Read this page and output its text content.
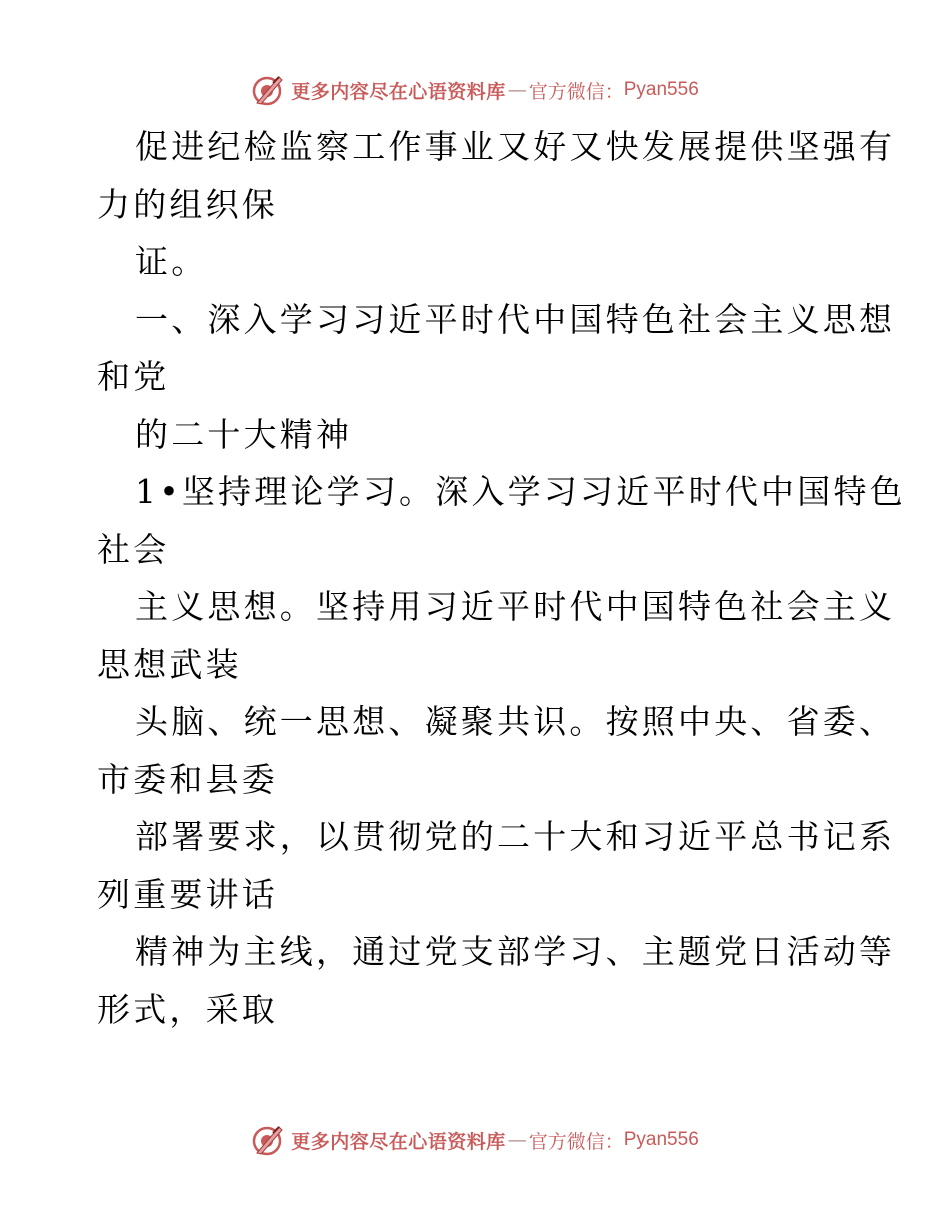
更多内容尽在心语资料库 — 官方微信： Pyan556
促进纪检监察工作事业又好又快发展提供坚强有
力的组织保
证。
一、深入学习习近平时代中国特色社会主义思想
和党
的二十大精神
1•坚持理论学习。深入学习习近平时代中国特色
社会
主义思想。坚持用习近平时代中国特色社会主义
思想武装
头脑、统一思想、凝聚共识。按照中央、省委、
市委和县委
部署要求，以贯彻党的二十大和习近平总书记系
列重要讲话
精神为主线，通过党支部学习、主题党日活动等
形式，采取
更多内容尽在心语资料库 — 官方微信： Pyan556
